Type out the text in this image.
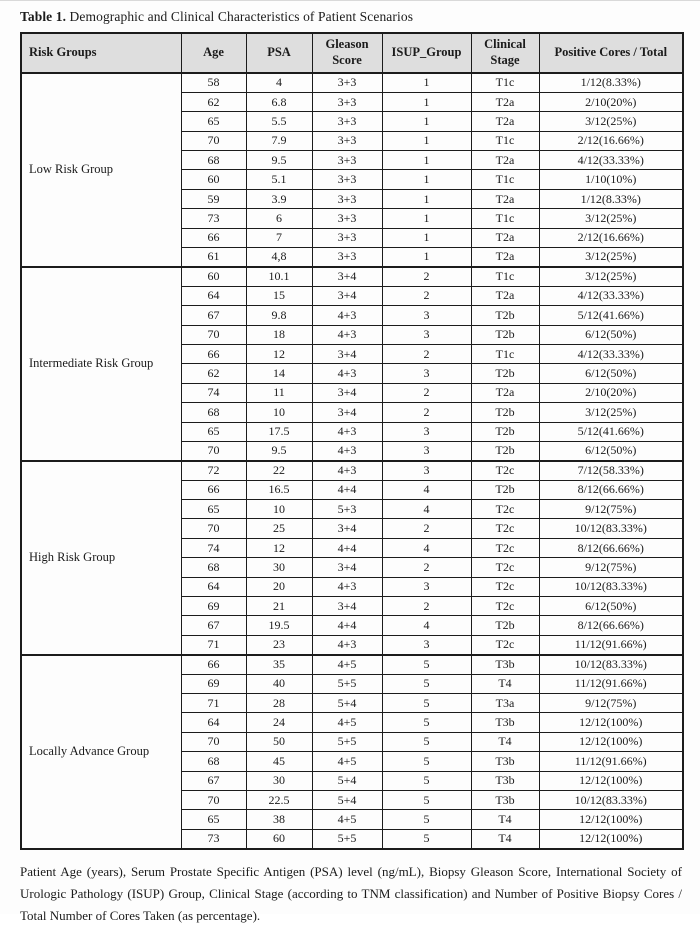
Table 1. Demographic and Clinical Characteristics of Patient Scenarios

Risk Groups	Age	PSA	Gleason Score	ISUP_Group	Clinical Stage	Positive Cores / Total
Low Risk Group	58	4	3+3	1	T1c	1/12(8.33%)
	62	6.8	3+3	1	T2a	2/10(20%)
	65	5.5	3+3	1	T2a	3/12(25%)
	70	7.9	3+3	1	T1c	2/12(16.66%)
	68	9.5	3+3	1	T2a	4/12(33.33%)
	60	5.1	3+3	1	T1c	1/10(10%)
	59	3.9	3+3	1	T2a	1/12(8.33%)
	73	6	3+3	1	T1c	3/12(25%)
	66	7	3+3	1	T2a	2/12(16.66%)
	61	4,8	3+3	1	T2a	3/12(25%)
Intermediate Risk Group	60	10.1	3+4	2	T1c	3/12(25%)
	64	15	3+4	2	T2a	4/12(33.33%)
	67	9.8	4+3	3	T2b	5/12(41.66%)
	70	18	4+3	3	T2b	6/12(50%)
	66	12	3+4	2	T1c	4/12(33.33%)
	62	14	4+3	3	T2b	6/12(50%)
	74	11	3+4	2	T2a	2/10(20%)
	68	10	3+4	2	T2b	3/12(25%)
	65	17.5	4+3	3	T2b	5/12(41.66%)
	70	9.5	4+3	3	T2b	6/12(50%)
High Risk Group	72	22	4+3	3	T2c	7/12(58.33%)
	66	16.5	4+4	4	T2b	8/12(66.66%)
	65	10	5+3	4	T2c	9/12(75%)
	70	25	3+4	2	T2c	10/12(83.33%)
	74	12	4+4	4	T2c	8/12(66.66%)
	68	30	3+4	2	T2c	9/12(75%)
	64	20	4+3	3	T2c	10/12(83.33%)
	69	21	3+4	2	T2c	6/12(50%)
	67	19.5	4+4	4	T2b	8/12(66.66%)
	71	23	4+3	3	T2c	11/12(91.66%)
Locally Advance Group	66	35	4+5	5	T3b	10/12(83.33%)
	69	40	5+5	5	T4	11/12(91.66%)
	71	28	5+4	5	T3a	9/12(75%)
	64	24	4+5	5	T3b	12/12(100%)
	70	50	5+5	5	T4	12/12(100%)
	68	45	4+5	5	T3b	11/12(91.66%)
	67	30	5+4	5	T3b	12/12(100%)
	70	22.5	5+4	5	T3b	10/12(83.33%)
	65	38	4+5	5	T4	12/12(100%)
	73	60	5+5	5	T4	12/12(100%)

Patient Age (years), Serum Prostate Specific Antigen (PSA) level (ng/mL), Biopsy Gleason Score, International Society of Urologic Pathology (ISUP) Group, Clinical Stage (according to TNM classification) and Number of Positive Biopsy Cores / Total Number of Cores Taken (as percentage).
